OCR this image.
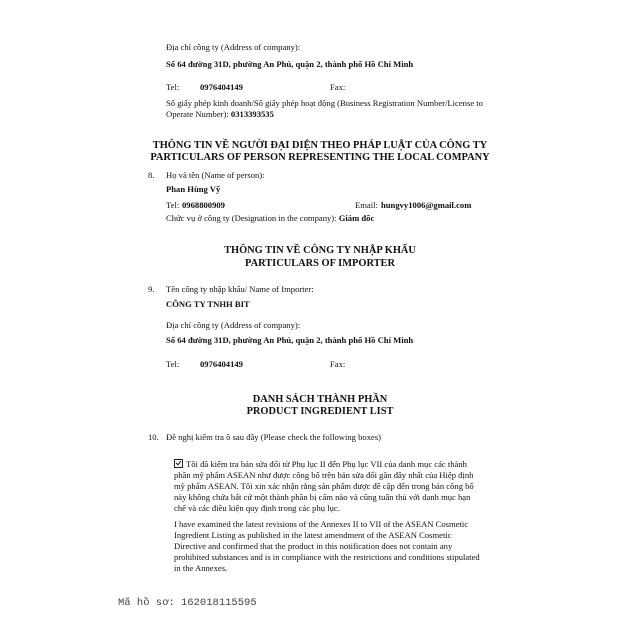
Địa chỉ công ty (Address of company):
Số 64 đường 31D, phường An Phú, quận 2, thành phố Hồ Chí Minh
Tel: 0976404149	Fax:
Số giấy phép kinh doanh/Số giấy phép hoạt động (Business Registration Number/License to
Operate Number): 0313393535
THÔNG TIN VỀ NGƯỜI ĐẠI DIỆN THEO PHÁP LUẬT CỦA CÔNG TY
PARTICULARS OF PERSON REPRESENTING THE LOCAL COMPANY
8. Họ và tên (Name of person):
Phan Hùng Vỹ
Tel: 0968800909	Email: hungvy1006@gmail.com
Chức vụ ở công ty (Designation in the company): Giám đốc
THÔNG TIN VỀ CÔNG TY NHẬP KHẨU
PARTICULARS OF IMPORTER
9. Tên công ty nhập khẩu/ Name of Importer:
CÔNG TY TNHH BIT
Địa chỉ công ty (Address of company):
Số 64 đường 31D, phường An Phú, quận 2, thành phố Hồ Chí Minh
Tel: 0976404149	Fax:
DANH SÁCH THÀNH PHẦN
PRODUCT INGREDIENT LIST
10. Đề nghị kiểm tra ô sau đây (Please check the following boxes)
Tôi đã kiểm tra bản sửa đổi từ Phụ lục II đến Phụ lục VII của danh mục các thành
phần mỹ phẩm ASEAN như được công bố trên bản sửa đổi gần đây nhất của Hiệp định
mỹ phẩm ASEAN. Tôi xin xác nhận rằng sản phẩm được đề cập đến trong bản công bố
này không chứa bất cứ một thành phần bị cấm nào và cũng tuân thủ với danh mục hạn
chế và các điều kiện quy định trong các phụ lục.
I have examined the latest revisions of the Annexes II to VII of the ASEAN Cosmetic
Ingredient Listing as published in the latest amendment of the ASEAN Cosmetic
Directive and confirmed that the product in this notification does not contain any
prohibited substances and is in compliance with the restrictions and conditions stipulated
in the Annexes.
Mã hồ sơ: 162018115595
